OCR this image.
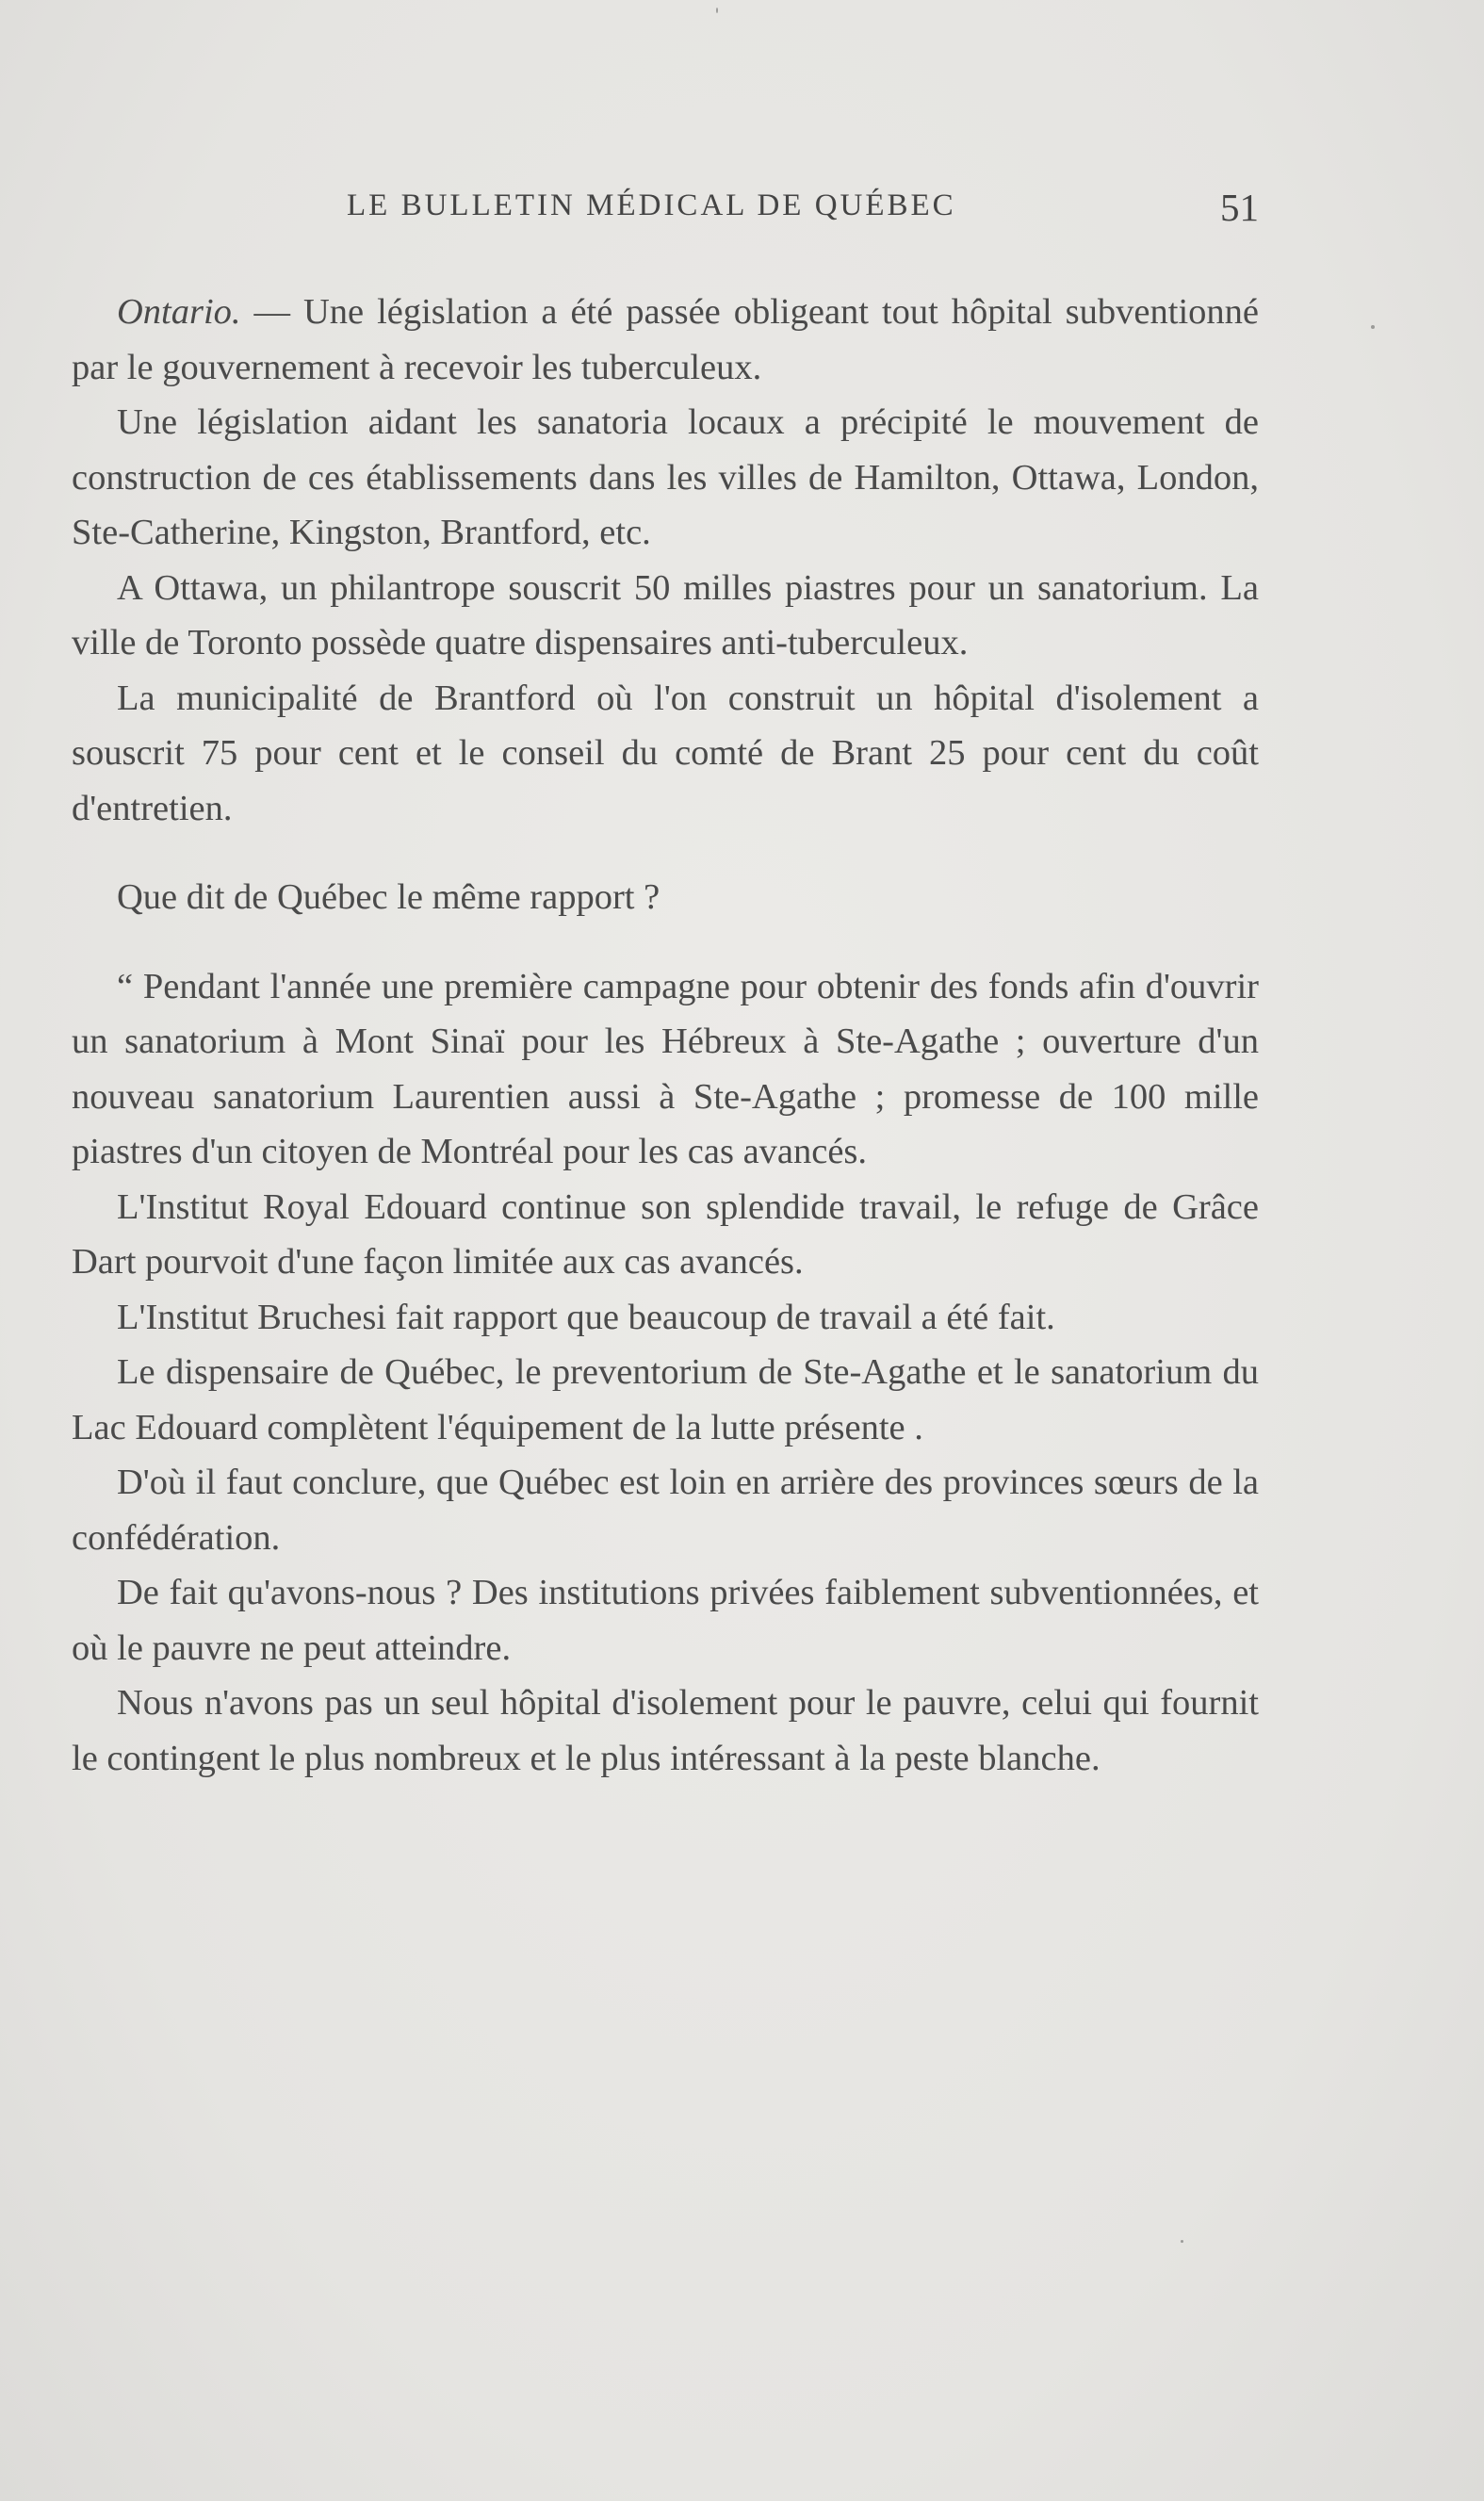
LE BULLETIN MÉDICAL DE QUÉBEC	51

Ontario. — Une législation a été passée obligeant tout hôpital subventionné par le gouvernement à recevoir les tuberculeux.

Une législation aidant les sanatoria locaux a précipité le mouvement de construction de ces établissements dans les villes de Hamilton, Ottawa, London, Ste-Catherine, Kingston, Brantford, etc.

A Ottawa, un philantrope souscrit 50 milles piastres pour un sanatorium. La ville de Toronto possède quatre dispensaires anti-tuberculeux.

La municipalité de Brantford où l'on construit un hôpital d'isolement a souscrit 75 pour cent et le conseil du comté de Brant 25 pour cent du coût d'entretien.

Que dit de Québec le même rapport ?

“ Pendant l'année une première campagne pour obtenir des fonds afin d'ouvrir un sanatorium à Mont Sinaï pour les Hébreux à Ste-Agathe ; ouverture d'un nouveau sanatorium Laurentien aussi à Ste-Agathe ; promesse de 100 mille piastres d'un citoyen de Montréal pour les cas avancés.

L'Institut Royal Edouard continue son splendide travail, le refuge de Grâce Dart pourvoit d'une façon limitée aux cas avancés.

L'Institut Bruchesi fait rapport que beaucoup de travail a été fait.

Le dispensaire de Québec, le preventorium de Ste-Agathe et le sanatorium du Lac Edouard complètent l'équipement de la lutte présente .

D'où il faut conclure, que Québec est loin en arrière des provinces sœurs de la confédération.

De fait qu'avons-nous ? Des institutions privées faiblement subventionnées, et où le pauvre ne peut atteindre.

Nous n'avons pas un seul hôpital d'isolement pour le pauvre, celui qui fournit le contingent le plus nombreux et le plus intéressant à la peste blanche.
